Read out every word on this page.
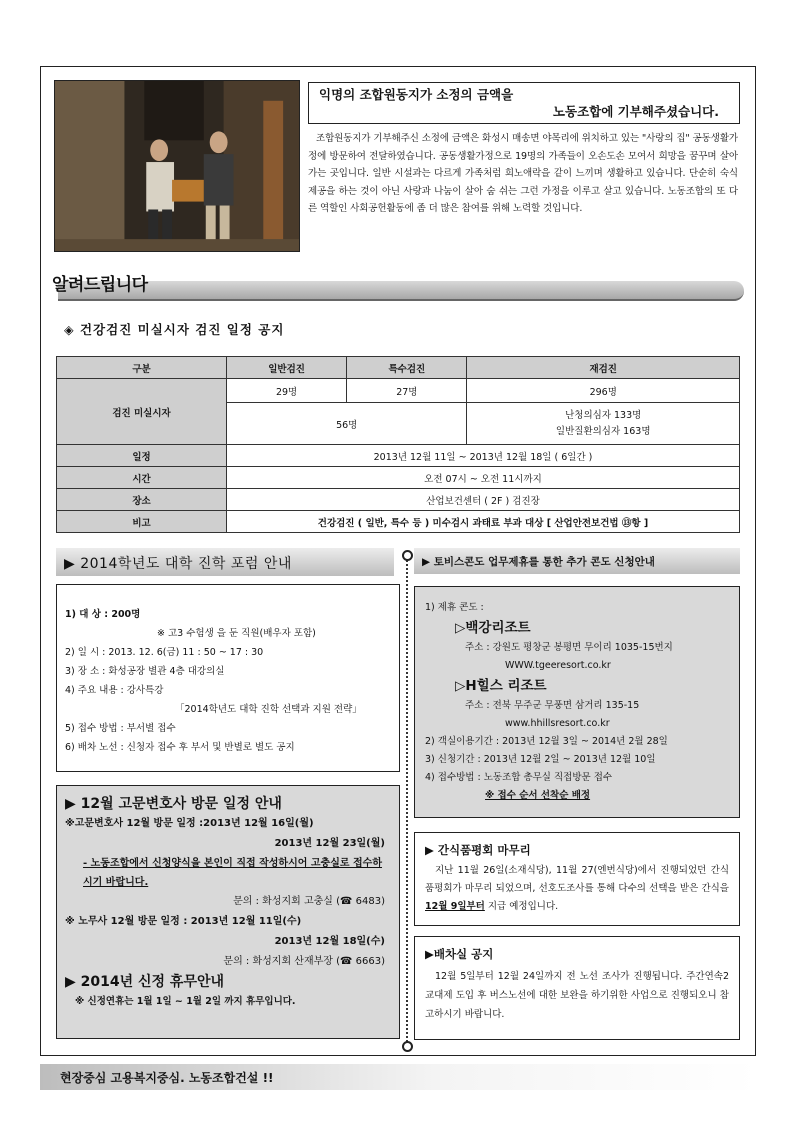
익명의 조합원동지가 소정의 금액을
노동조합에 기부해주셨습니다.

조합원동지가 기부해주신 소정에 금액은 화성시 매송면 야목리에 위치하고 있는 "사랑의 집" 공동생활가정에 방문하여 전달하였습니다. 공동생활가정으로 19명의 가족들이 오손도손 모여서 희망을 꿈꾸며 살아가는 곳입니다. 일반 시설과는 다르게 가족처럼 희노애락을 같이 느끼며 생활하고 있습니다. 단순히 숙식 제공을 하는 것이 아닌 사랑과 나눔이 살아 숨 쉬는 그런 가정을 이루고 살고 있습니다. 노동조합의 또 다른 역할인 사회공헌활동에 좀 더 많은 참여를 위해 노력할 것입니다.

알려드립니다
◈ 건강검진 미실시자 검진 일정 공지
구분	일반검진	특수검진	재검진
검진 미실시자	29명	27명	296명
	56명		난청의심자 133명
일반질환의심자 163명

일정	2013년 12월 11일 ~ 2013년 12월 18일 ( 6일간 )		
시간	오전 07시 ~ 오전 11시까지		
장소	산업보건센터 ( 2F ) 검진장		
비고	건강검진 ( 일반, 특수 등 ) 미수검시 과태료 부과 대상 [ 산업안전보건법 ⑬항 ]		
▶ 2014학년도 대학 진학 포럼 안내
1) 대 상 : 200명
※ 고3 수험생 을 둔 직원(배우자 포함)
2) 일 시 : 2013. 12. 6(금) 11 : 50 ~ 17 : 30
3) 장 소 : 화성공장 별관 4층 대강의실
4) 주요 내용 : 강사특강
「2014학년도 대학 진학 선택과 지원 전략」
5) 접수 방법 : 부서별 접수
6) 배차 노선 : 신청자 접수 후 부서 및 반별로 별도 공지
▶ 12월 고문변호사 방문 일정 안내
※고문변호사 12월 방문 일정 :2013년 12월 16일(월)
2013년 12월 23일(월)
- 노동조합에서 신청양식을 본인이 직접 작성하시어 고충실로 접수하시기 바랍니다.
문의 : 화성지회 고충실 (☎ 6483)
※ 노무사 12월 방문 일정 : 2013년 12월 11일(수)
2013년 12월 18일(수)
문의 : 화성지회 산재부장 (☎ 6663)
▶ 2014년 신정 휴무안내
※ 신정연휴는 1월 1일 ~ 1월 2일 까지 휴무입니다.
▶ 토비스콘도 업무제휴를 통한 추가 콘도 신청안내
1) 제휴 콘도 :
▷백강리조트
주소 : 강원도 평창군 봉평면 무이리 1035-15번지
WWW.tgeeresort.co.kr
▷H힐스 리조트
주소 : 전북 무주군 무풍면 삼거리 135-15
www.hhillsresort.co.kr
2) 객실이용기간 : 2013년 12월 3일 ~ 2014년 2월 28일
3) 신청기간 : 2013년 12월 2일 ~ 2013년 12월 10일
4) 접수방법 : 노동조합 총무실 직접방문 접수
※ 접수 순서 선착순 배정
▶ 간식품평회 마무리

지난 11월 26일(소재식당), 11월 27(엔번식당)에서 진행되었던 간식품평회가 마무리 되었으며, 선호도조사를 통해 다수의 선택을 받은 간식을 12월 9일부터 지급 예정입니다.

▶배차실 공지

12월 5일부터 12월 24일까지 전 노선 조사가 진행됩니다. 주간연속2교대제 도입 후 버스노선에 대한 보완을 하기위한 사업으로 진행되오니 참고하시기 바랍니다.

현장중심 고용복지중심. 노동조합건설 !!
